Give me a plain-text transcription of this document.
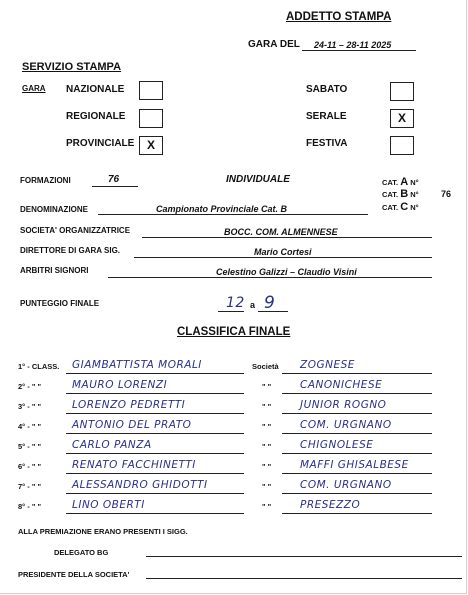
ADDETTO STAMPA
GARA DEL 24-11 – 28-11 2025
SERVIZIO STAMPA
GARA NAZIONALE
REGIONALE
PROVINCIALE	X
SABATO
SERALE	X
FESTIVA
FORMAZIONI	76	INDIVIDUALE	CAT. A N°
CAT. B N° 76
CAT. C N°
DENOMINAZIONE	Campionato Provinciale Cat. B
SOCIETA' ORGANIZZATRICE	BOCC. COM. ALMENNESE
DIRETTORE DI GARA SIG.	Mario Cortesi
ARBITRI SIGNORI	Celestino Galizzi – Claudio Visini
PUNTEGGIO FINALE	12 a 9
CLASSIFICA FINALE
1° - CLASS. GIAMBATTISTA MORALI	Società ZOGNESE
2° - " "	MAURO LORENZI	" "	CANONICHESE
3° - " "	LORENZO PEDRETTI	" "	JUNIOR ROGNO
4° - " "	ANTONIO DEL PRATO	" "	COM. URGNANO
5° - " "	CARLO PANZA	" "	CHIGNOLESE
6° - " "	RENATO FACCHINETTI	" "	MAFFI GHISALBESE
7° - " "	ALESSANDRO GHIDOTTI	" "	COM. URGNANO
8° - " "	LINO OBERTI	" "	PRESEZZO
ALLA PREMIAZIONE ERANO PRESENTI I SIGG.
DELEGATO BG
PRESIDENTE DELLA SOCIETA'
